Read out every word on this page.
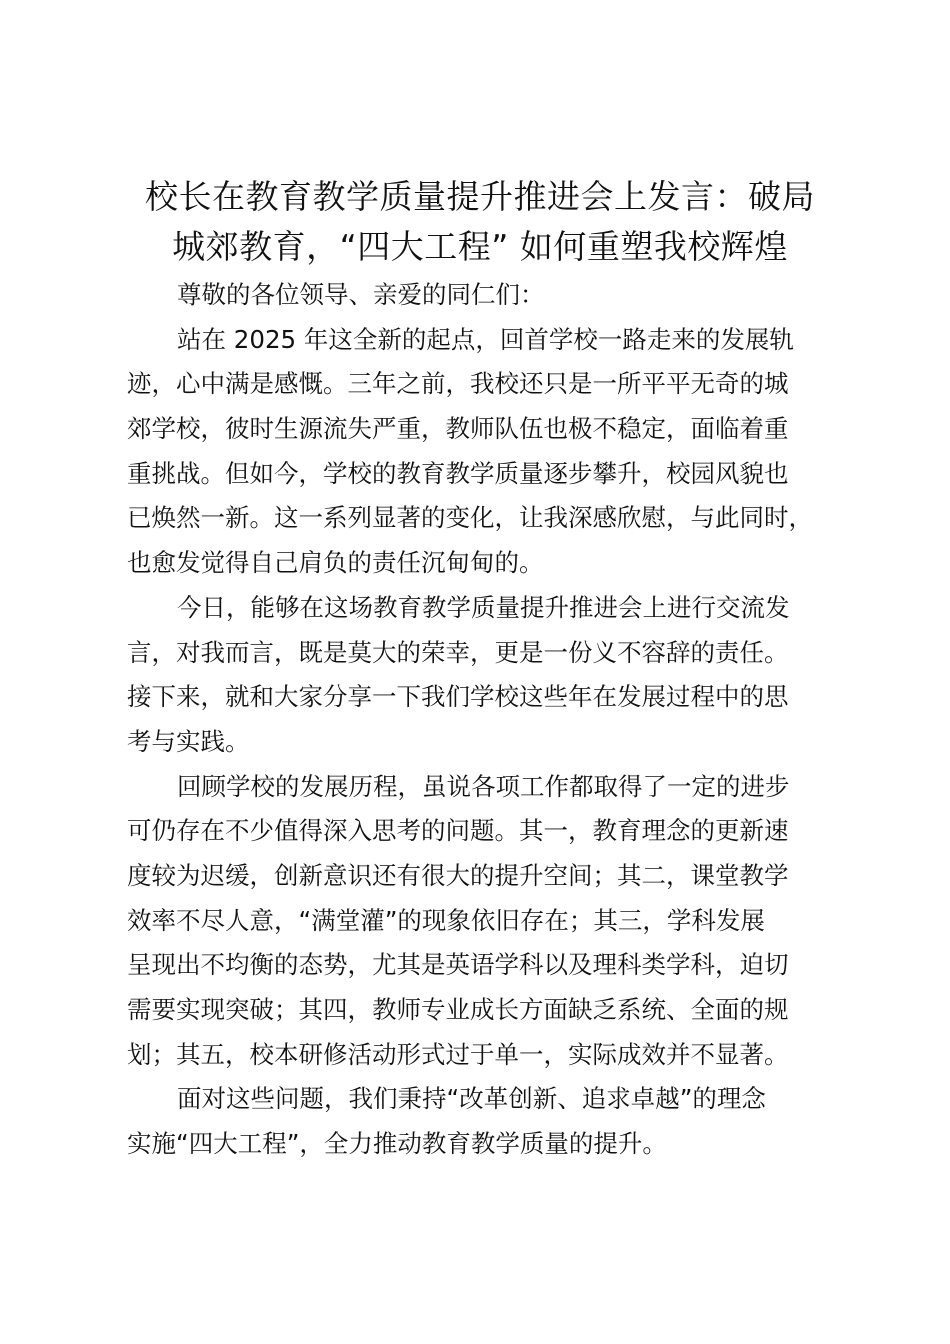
校长在教育教学质量提升推进会上发言：破局
城郊教育，“四大工程” 如何重塑我校辉煌
尊敬的各位领导、亲爱的同仁们：
站在 2025 年这全新的起点，回首学校一路走来的发展轨
迹，心中满是感慨。三年之前，我校还只是一所平平无奇的城
郊学校，彼时生源流失严重，教师队伍也极不稳定，面临着重
重挑战。但如今，学校的教育教学质量逐步攀升，校园风貌也
已焕然一新。这一系列显著的变化，让我深感欣慰，与此同时，
也愈发觉得自己肩负的责任沉甸甸的。
今日，能够在这场教育教学质量提升推进会上进行交流发
言，对我而言，既是莫大的荣幸，更是一份义不容辞的责任。
接下来，就和大家分享一下我们学校这些年在发展过程中的思
考与实践。
回顾学校的发展历程，虽说各项工作都取得了一定的进步
可仍存在不少值得深入思考的问题。其一，教育理念的更新速
度较为迟缓，创新意识还有很大的提升空间；其二，课堂教学
效率不尽人意，“满堂灌”的现象依旧存在；其三，学科发展
呈现出不均衡的态势，尤其是英语学科以及理科类学科，迫切
需要实现突破；其四，教师专业成长方面缺乏系统、全面的规
划；其五，校本研修活动形式过于单一，实际成效并不显著。
面对这些问题，我们秉持“改革创新、追求卓越”的理念
实施“四大工程”，全力推动教育教学质量的提升。
